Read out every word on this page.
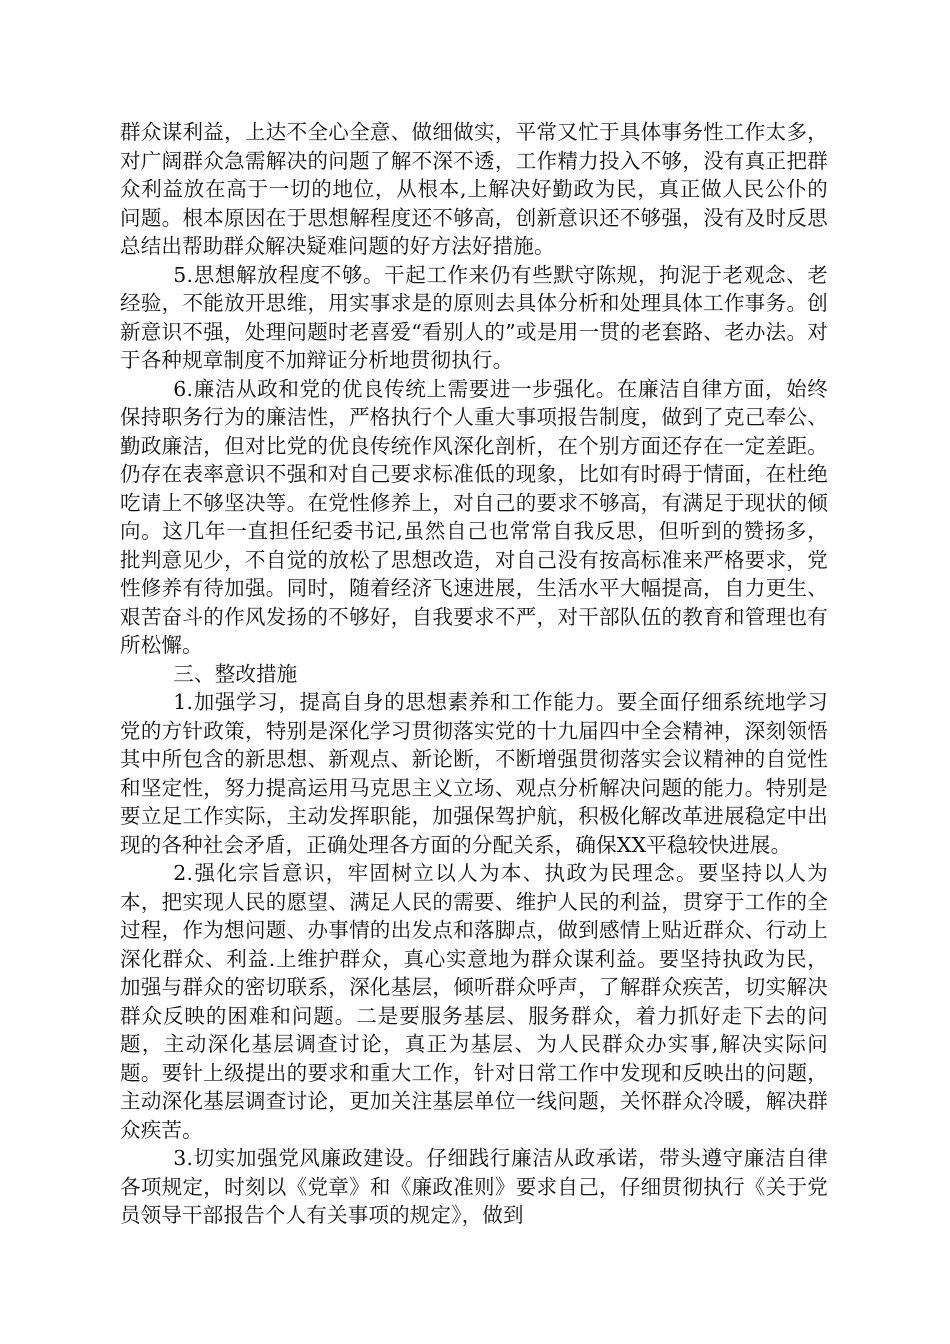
群众谋利益，上达不全心全意、做细做实，平常又忙于具体事务性工作太多，对广阔群众急需解决的问题了解不深不透，工作精力投入不够，没有真正把群众利益放在高于一切的地位，从根本,上解决好勤政为民，真正做人民公仆的问题。根本原因在于思想解程度还不够高，创新意识还不够强，没有及时反思总结出帮助群众解决疑难问题的好方法好措施。

5.思想解放程度不够。干起工作来仍有些默守陈规，拘泥于老观念、老经验，不能放开思维，用实事求是的原则去具体分析和处理具体工作事务。创新意识不强，处理问题时老喜爱“看别人的”或是用一贯的老套路、老办法。对于各种规章制度不加辩证分析地贯彻执行。

6.廉洁从政和党的优良传统上需要进一步强化。在廉洁自律方面，始终保持职务行为的廉洁性，严格执行个人重大事项报告制度，做到了克己奉公、勤政廉洁，但对比党的优良传统作风深化剖析，在个别方面还存在一定差距。仍存在表率意识不强和对自己要求标准低的现象，比如有时碍于情面，在杜绝吃请上不够坚决等。在党性修养上，对自己的要求不够高，有满足于现状的倾向。这几年一直担任纪委书记,虽然自己也常常自我反思，但听到的赞扬多，批判意见少，不自觉的放松了思想改造，对自己没有按高标准来严格要求，党性修养有待加强。同时，随着经济飞速进展，生活水平大幅提高，自力更生、艰苦奋斗的作风发扬的不够好，自我要求不严，对干部队伍的教育和管理也有所松懈。

三、整改措施

1.加强学习，提高自身的思想素养和工作能力。要全面仔细系统地学习党的方针政策，特别是深化学习贯彻落实党的十九届四中全会精神，深刻领悟其中所包含的新思想、新观点、新论断，不断增强贯彻落实会议精神的自觉性和坚定性，努力提高运用马克思主义立场、观点分析解决问题的能力。特别是要立足工作实际，主动发挥职能，加强保驾护航，积极化解改革进展稳定中出现的各种社会矛盾，正确处理各方面的分配关系，确保XX平稳较快进展。

2.强化宗旨意识，牢固树立以人为本、执政为民理念。要坚持以人为本，把实现人民的愿望、满足人民的需要、维护人民的利益，贯穿于工作的全过程，作为想问题、办事情的出发点和落脚点，做到感情上贴近群众、行动上深化群众、利益.上维护群众，真心实意地为群众谋利益。要坚持执政为民，加强与群众的密切联系，深化基层，倾听群众呼声，了解群众疾苦，切实解决群众反映的困难和问题。二是要服务基层、服务群众，着力抓好走下去的问题，主动深化基层调查讨论，真正为基层、为人民群众办实事,解决实际问题。要针上级提出的要求和重大工作，针对日常工作中发现和反映出的问题，主动深化基层调查讨论，更加关注基层单位一线问题，关怀群众冷暖，解决群众疾苦。

3.切实加强党风廉政建设。仔细践行廉洁从政承诺，带头遵守廉洁自律各项规定，时刻以《党章》和《廉政准则》要求自己，仔细贯彻执行《关于党员领导干部报告个人有关事项的规定》，做到
